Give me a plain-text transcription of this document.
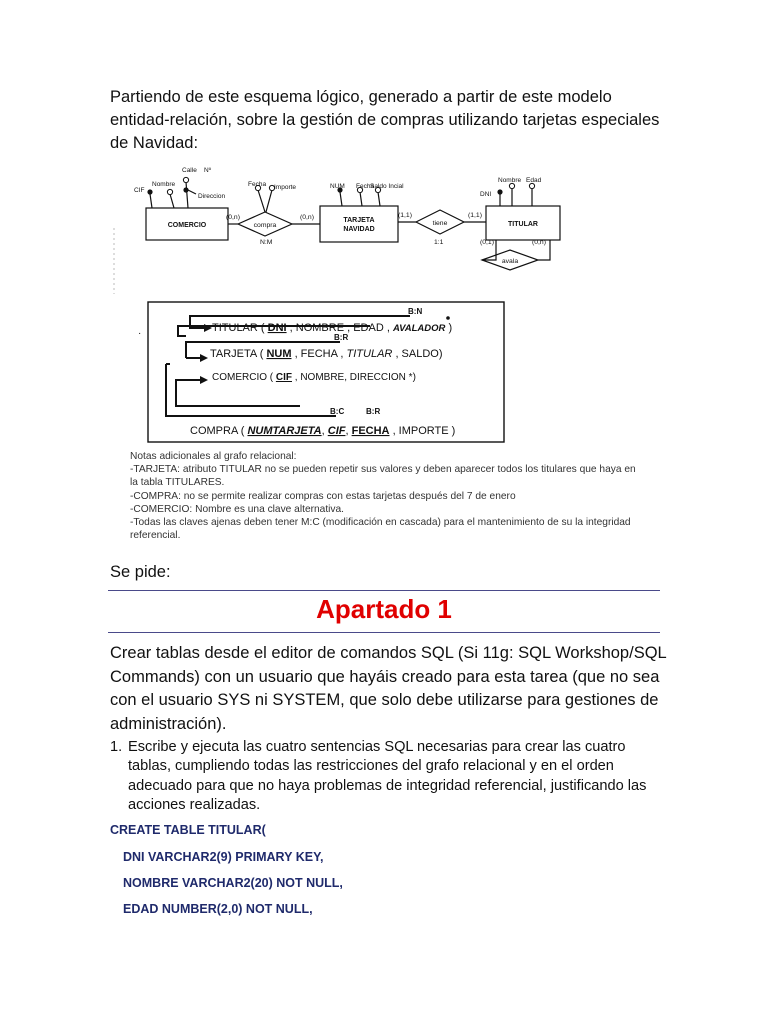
Partiendo de este esquema lógico, generado a partir de este modelo entidad-relación, sobre la gestión de compras utilizando tarjetas especiales de Navidad:
CIF
Nombre
Calle Nº
Direccion
Fecha Importe	NUM Fecha
Saldo Incial
DNI
Nombre Edad
COMERCIO
TARJETA
NAVIDAD
TITULAR
compra	tiene
avala
(0,n)	(0,n)	(1,1)	(1,1)
(0,1)	(0,n)
N:M	1:1
B:N
B:R
B:C	B:R
TITULAR ( DNI , NOMBRE , EDAD , AVALADOR )
TARJETA ( NUM , FECHA , TITULAR , SALDO)
COMERCIO ( CIF , NOMBRE, DIRECCION *)
COMPRA ( NUMTARJETA, CIF, FECHA , IMPORTE )
·
Notas adicionales al grafo relacional:
-TARJETA: atributo TITULAR no se pueden repetir sus valores y deben aparecer todos los titulares que haya en
la tabla TITULARES.
-COMPRA: no se permite realizar compras con estas tarjetas después del 7 de enero
-COMERCIO: Nombre es una clave alternativa.
-Todas las claves ajenas deben tener M:C (modificación en cascada) para el mantenimiento de su la integridad
referencial.
Se pide:
Apartado 1
Crear tablas desde el editor de comandos SQL (Si 11g: SQL Workshop/SQL Commands) con un usuario que hayáis creado para esta tarea (que no sea con el usuario SYS ni SYSTEM, que solo debe utilizarse para gestiones de administración).
1. Escribe y ejecuta las cuatro sentencias SQL necesarias para crear las cuatro tablas, cumpliendo todas las restricciones del grafo relacional y en el orden adecuado para que no haya problemas de integridad referencial, justificando las acciones realizadas.
CREATE TABLE TITULAR(
DNI VARCHAR2(9) PRIMARY KEY,
NOMBRE VARCHAR2(20) NOT NULL,
EDAD NUMBER(2,0) NOT NULL,
